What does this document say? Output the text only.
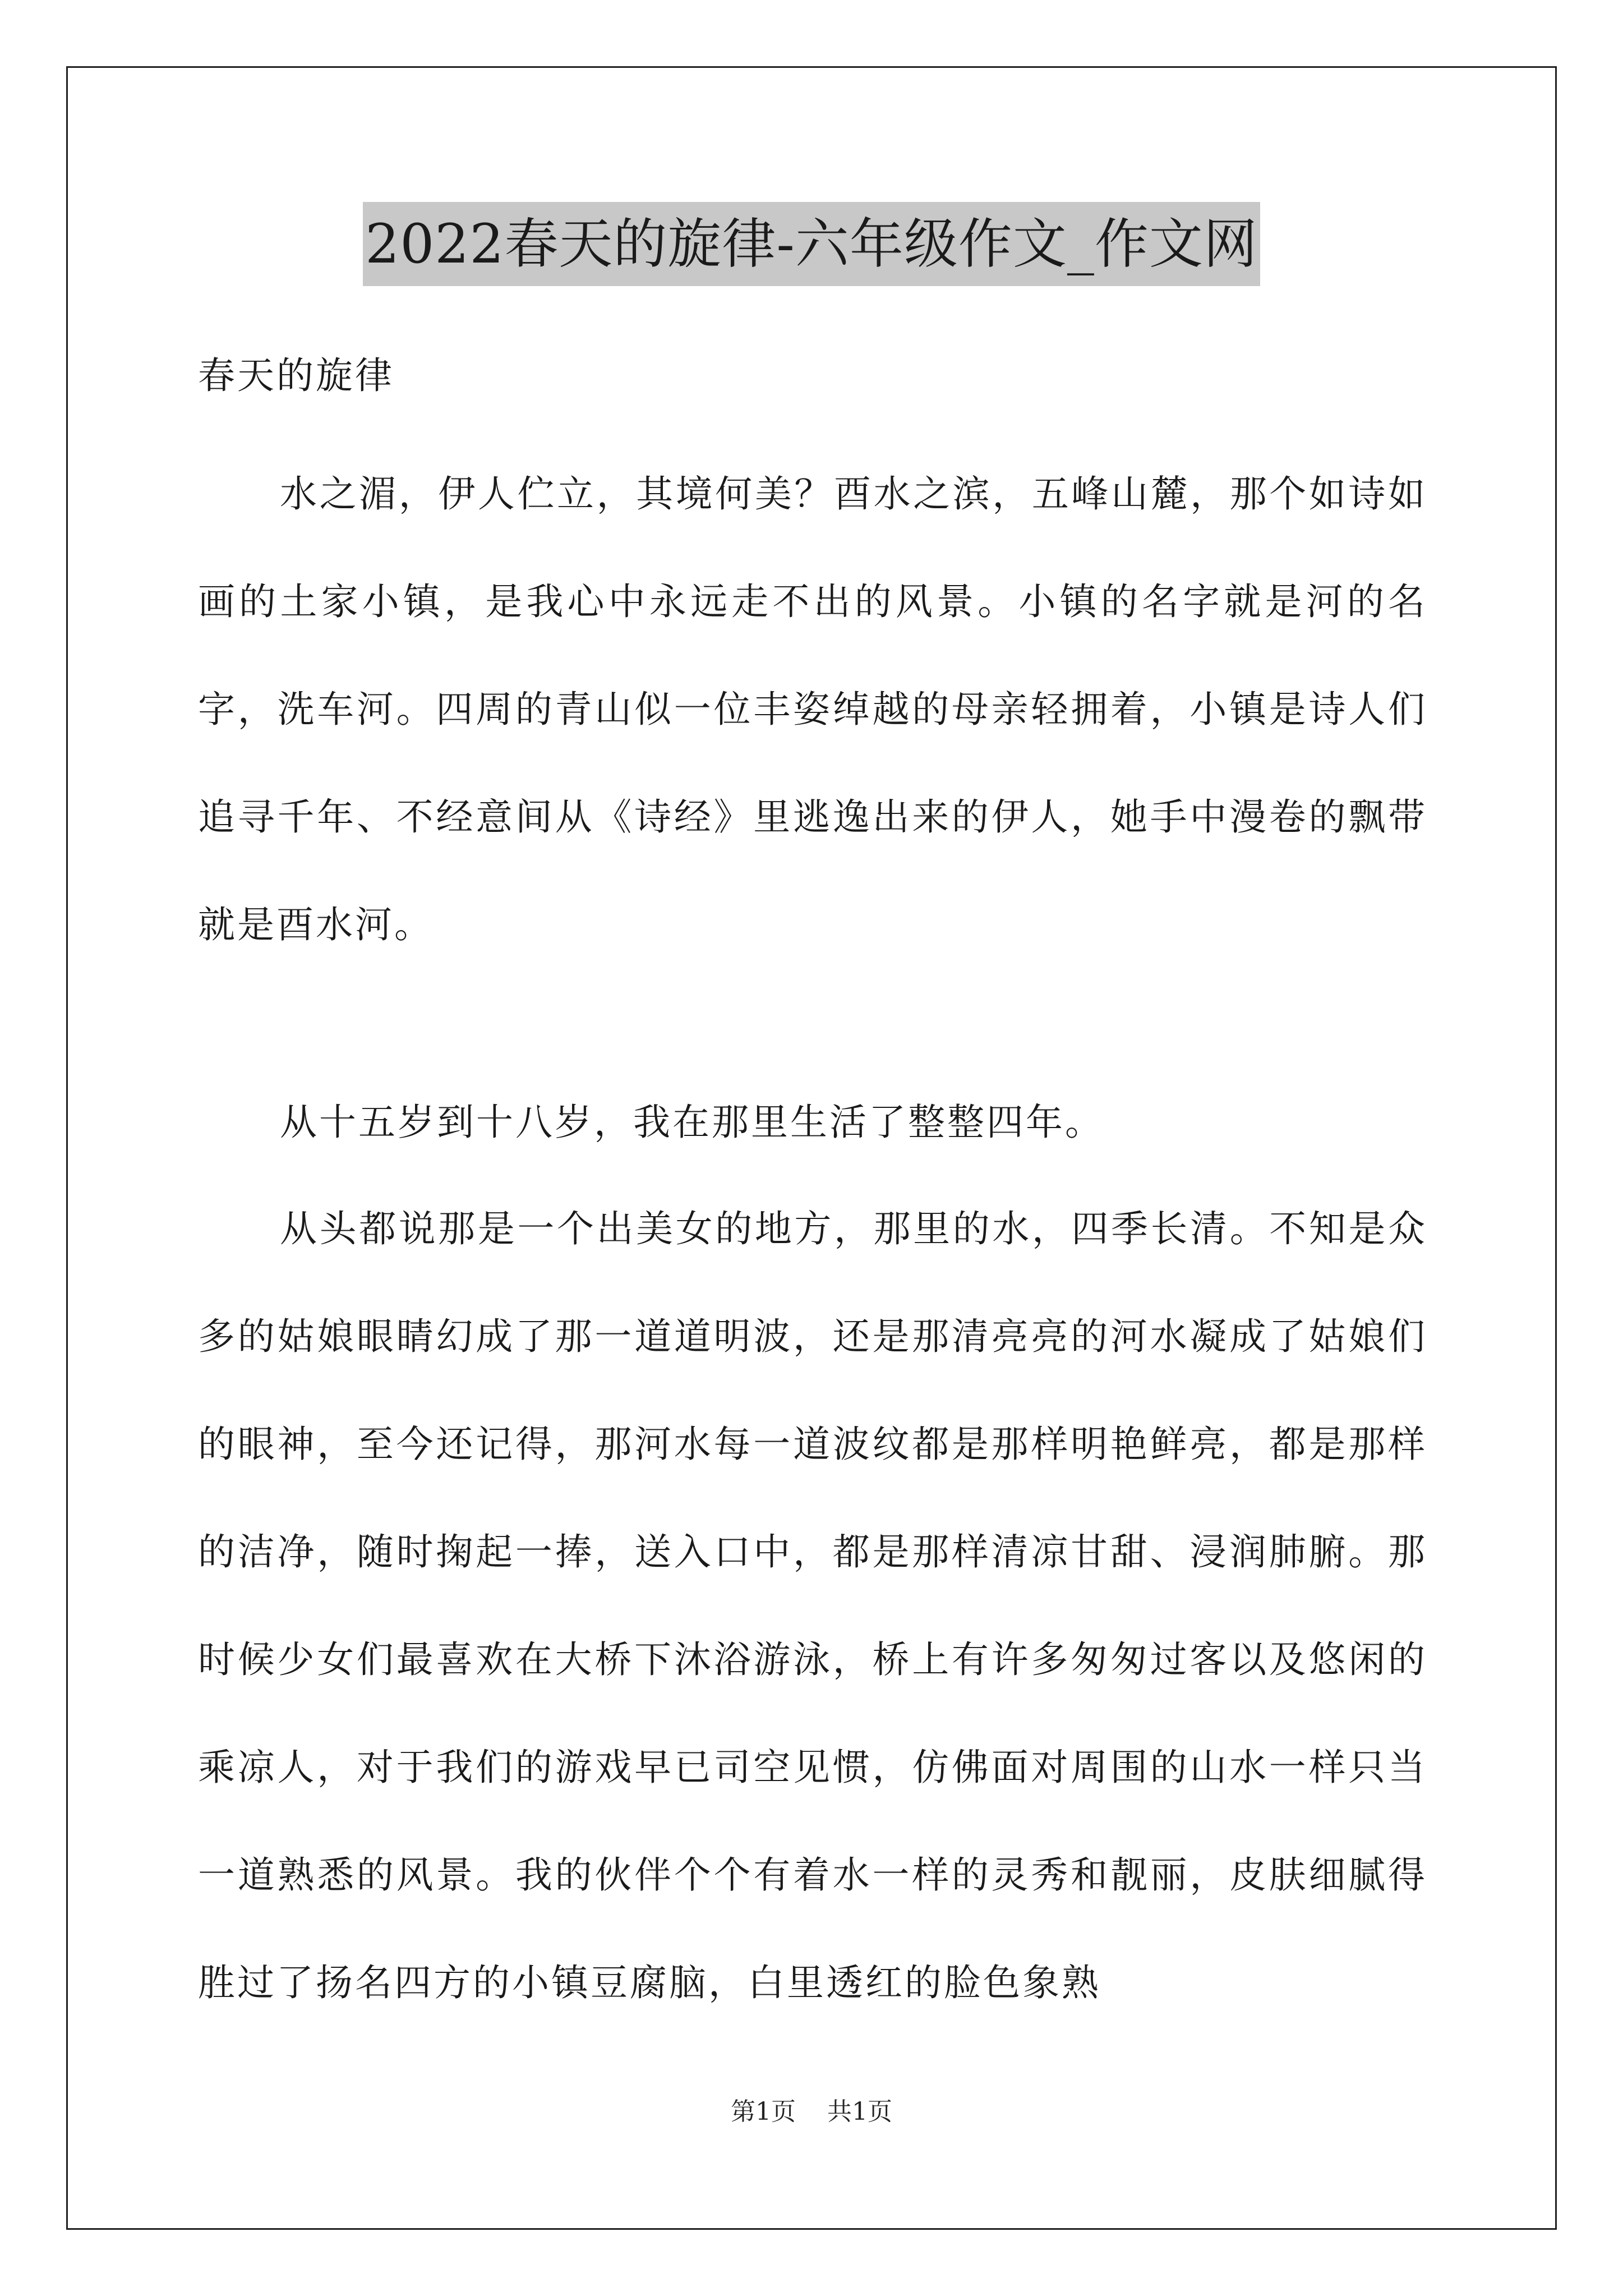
2022春天的旋律-六年级作文_作文网

春天的旋律

水之湄，伊人伫立，其境何美？酉水之滨，五峰山麓，那个如诗如画的土家小镇，是我心中永远走不出的风景。小镇的名字就是河的名字，洗车河。四周的青山似一位丰姿绰越的母亲轻拥着，小镇是诗人们追寻千年、不经意间从《诗经》里逃逸出来的伊人，她手中漫卷的飘带就是酉水河。

从十五岁到十八岁，我在那里生活了整整四年。

从头都说那是一个出美女的地方，那里的水，四季长清。不知是众多的姑娘眼睛幻成了那一道道明波，还是那清亮亮的河水凝成了姑娘们的眼神，至今还记得，那河水每一道波纹都是那样明艳鲜亮，都是那样的洁净，随时掬起一捧，送入口中，都是那样清凉甘甜、浸润肺腑。那时候少女们最喜欢在大桥下沐浴游泳，桥上有许多匆匆过客以及悠闲的乘凉人，对于我们的游戏早已司空见惯，仿佛面对周围的山水一样只当一道熟悉的风景。我的伙伴个个有着水一样的灵秀和靓丽，皮肤细腻得胜过了扬名四方的小镇豆腐脑，白里透红的脸色象熟

第1页 共1页
